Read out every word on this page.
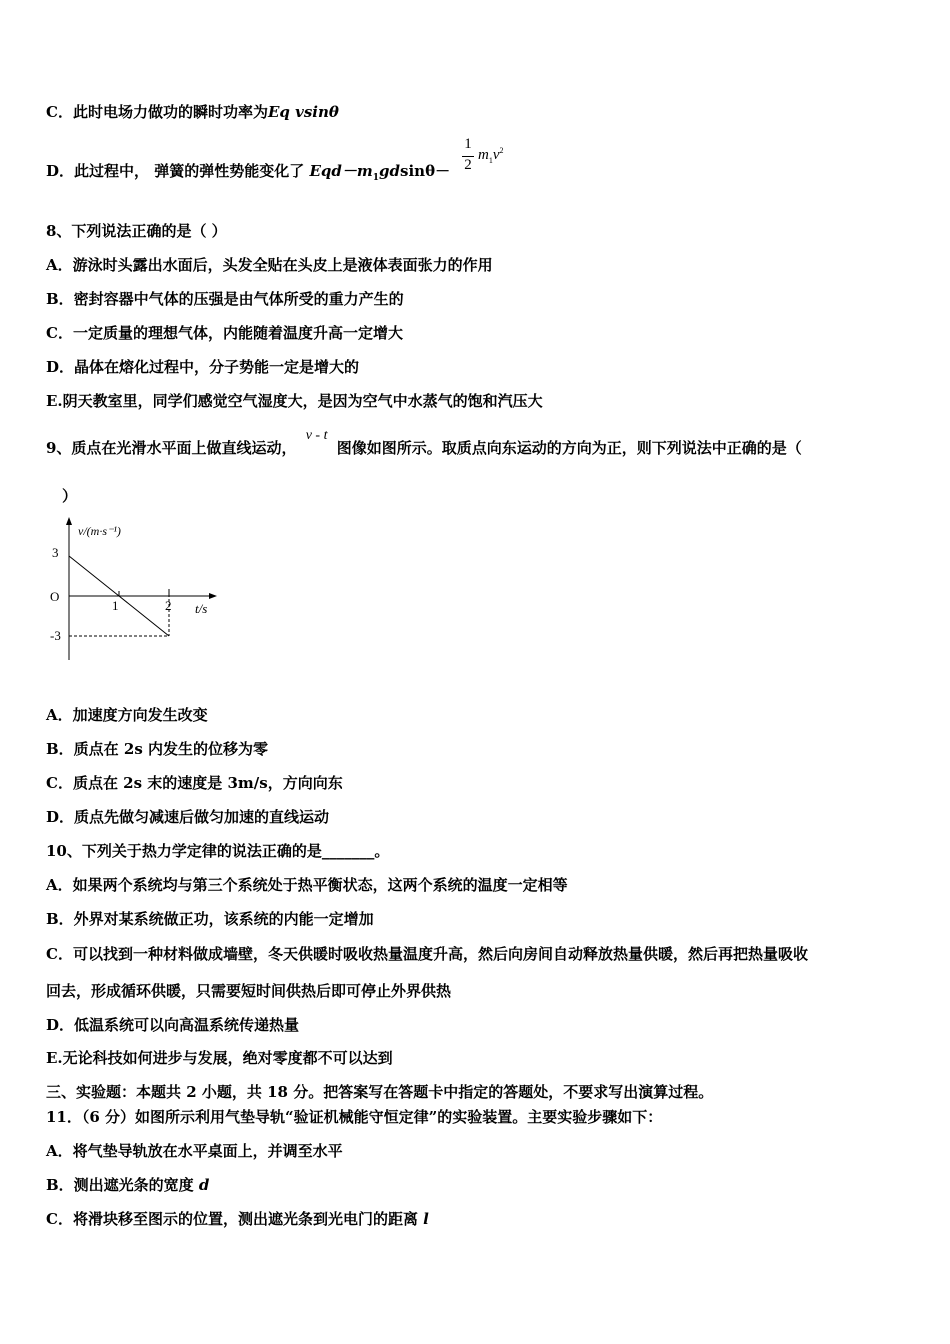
C．此时电场力做功的瞬时功率为Eq vsinθ
D．此过程中， 弹簧的弹性势能变化了 $Eqd-m_1gdsin\theta-$
1
2
$m_1v^2$
8、下列说法正确的是（ ）
A．游泳时头露出水面后，头发全贴在头皮上是液体表面张力的作用
B．密封容器中气体的压强是由气体所受的重力产生的
C．一定质量的理想气体，内能随着温度升高一定增大
D．晶体在熔化过程中，分子势能一定是增大的
E.阴天教室里，同学们感觉空气湿度大，是因为空气中水蒸气的饱和汽压大
9、质点在光滑水平面上做直线运动， v - t 图像如图所示。取质点向东运动的方向为正，则下列说法中正确的是（
）
v/(m·s⁻¹)
t/s
O
3
-3
1	2
A．加速度方向发生改变
B．质点在 2s 内发生的位移为零
C．质点在 2s 末的速度是 3m/s，方向向东
D．质点先做匀减速后做匀加速的直线运动
10、下列关于热力学定律的说法正确的是_______。
A．如果两个系统均与第三个系统处于热平衡状态，这两个系统的温度一定相等
B．外界对某系统做正功，该系统的内能一定增加
C．可以找到一种材料做成墙壁，冬天供暖时吸收热量温度升高，然后向房间自动释放热量供暖，然后再把热量吸收
回去，形成循环供暖，只需要短时间供热后即可停止外界供热
D．低温系统可以向高温系统传递热量
E.无论科技如何进步与发展，绝对零度都不可以达到
三、实验题：本题共 2 小题，共 18 分。把答案写在答题卡中指定的答题处，不要求写出演算过程。
11．（6 分）如图所示利用气垫导轨“验证机械能守恒定律”的实验装置。主要实验步骤如下：
A．将气垫导轨放在水平桌面上，并调至水平
B．测出遮光条的宽度 d
C．将滑块移至图示的位置，测出遮光条到光电门的距离 l
